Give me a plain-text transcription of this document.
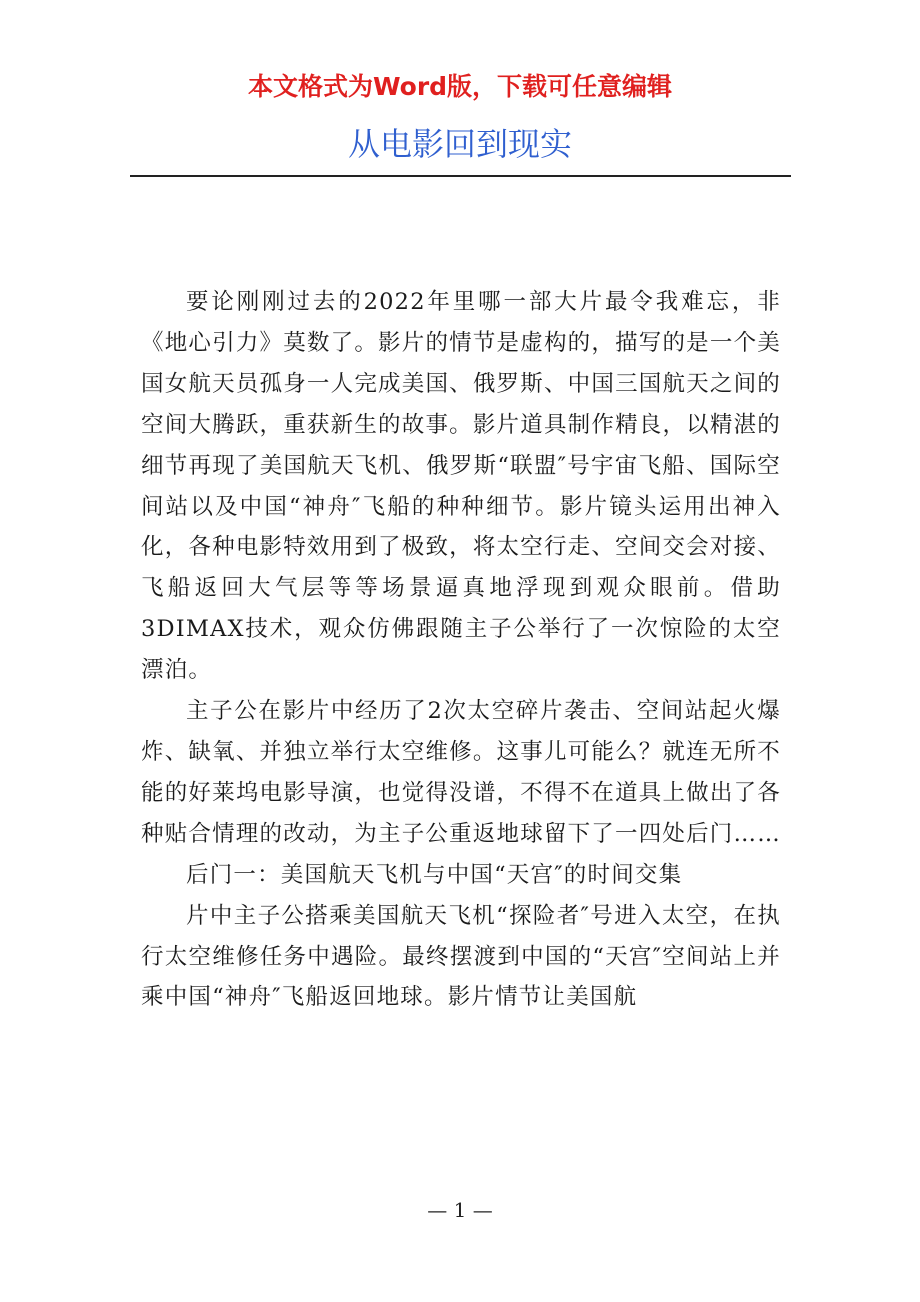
本文格式为Word版，下载可任意编辑
从电影回到现实

要论刚刚过去的2022年里哪一部大片最令我难忘，非《地心引力》莫数了。影片的情节是虚构的，描写的是一个美国女航天员孤身一人完成美国、俄罗斯、中国三国航天之间的空间大腾跃，重获新生的故事。影片道具制作精良，以精湛的细节再现了美国航天飞机、俄罗斯“联盟″号宇宙飞船、国际空间站以及中国“神舟″飞船的种种细节。影片镜头运用出神入化，各种电影特效用到了极致，将太空行走、空间交会对接、飞船返回大气层等等场景逼真地浮现到观众眼前。借助3DIMAX技术，观众仿佛跟随主子公举行了一次惊险的太空漂泊。

主子公在影片中经历了2次太空碎片袭击、空间站起火爆炸、缺氧、并独立举行太空维修。这事儿可能么？就连无所不能的好莱坞电影导演，也觉得没谱，不得不在道具上做出了各种贴合情理的改动，为主子公重返地球留下了一四处后门……

后门一：美国航天飞机与中国“天宫″的时间交集

片中主子公搭乘美国航天飞机“探险者″号进入太空，在执行太空维修任务中遇险。最终摆渡到中国的“天宫″空间站上并乘中国“神舟″飞船返回地球。影片情节让美国航

— 1 —
